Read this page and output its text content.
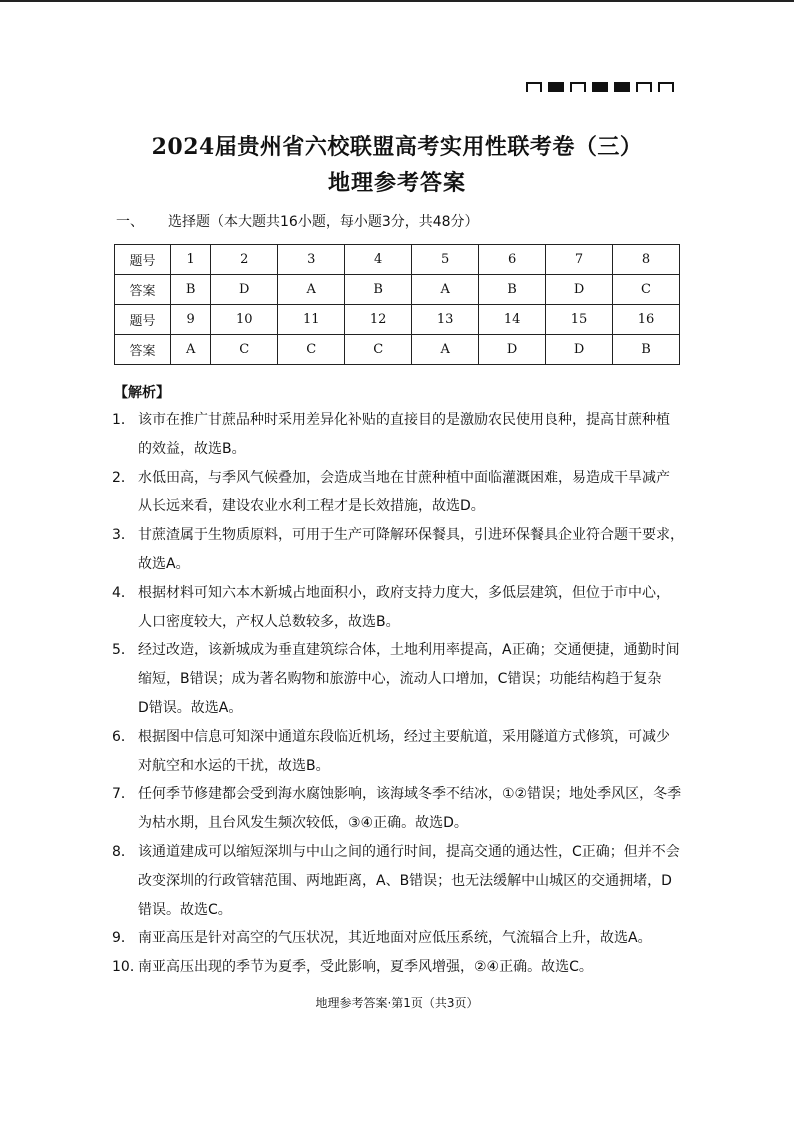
2024届贵州省六校联盟高考实用性联考卷（三）
地理参考答案
一、 选择题（本大题共16小题，每小题3分，共48分）
题号	1	2	3	4	5	6	7	8
答案	B	D	A	B	A	B	D	C
题号	9	10	11	12	13	14	15	16
答案	A	C	C	C	A	D	D	B
【解析】
1． 该市在推广甘蔗品种时采用差异化补贴的直接目的是激励农民使用良种，提高甘蔗种植
的效益，故选B。
2． 水低田高，与季风气候叠加，会造成当地在甘蔗种植中面临灌溉困难，易造成干旱减产
从长远来看，建设农业水利工程才是长效措施，故选D。
3． 甘蔗渣属于生物质原料，可用于生产可降解环保餐具，引进环保餐具企业符合题干要求，
故选A。
4． 根据材料可知六本木新城占地面积小，政府支持力度大，多低层建筑，但位于市中心，
人口密度较大，产权人总数较多，故选B。
5． 经过改造，该新城成为垂直建筑综合体，土地利用率提高，A正确；交通便捷，通勤时间
缩短，B错误；成为著名购物和旅游中心，流动人口增加，C错误；功能结构趋于复杂
D错误。故选A。
6． 根据图中信息可知深中通道东段临近机场，经过主要航道，采用隧道方式修筑，可减少
对航空和水运的干扰，故选B。
7． 任何季节修建都会受到海水腐蚀影响，该海域冬季不结冰，①②错误；地处季风区，冬季
为枯水期，且台风发生频次较低，③④正确。故选D。
8． 该通道建成可以缩短深圳与中山之间的通行时间，提高交通的通达性，C正确；但并不会
改变深圳的行政管辖范围、两地距离，A、B错误；也无法缓解中山城区的交通拥堵，D
错误。故选C。
9． 南亚高压是针对高空的气压状况，其近地面对应低压系统，气流辐合上升，故选A。
10．南亚高压出现的季节为夏季，受此影响，夏季风增强，②④正确。故选C。
地理参考答案·第1页（共3页）
